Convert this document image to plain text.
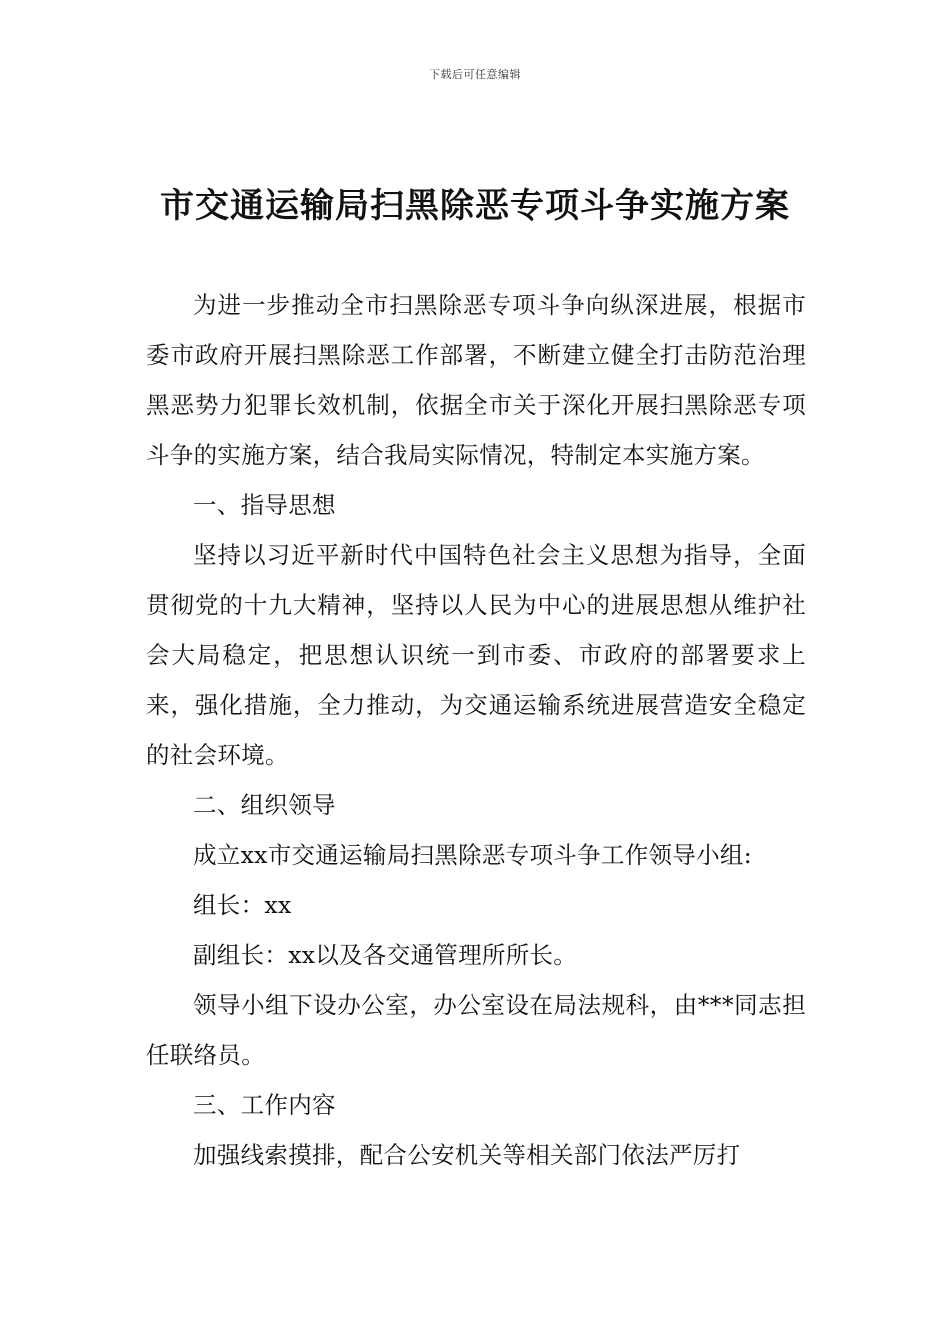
下载后可任意编辑
市交通运输局扫黑除恶专项斗争实施方案

为进一步推动全市扫黑除恶专项斗争向纵深进展，根据市委市政府开展扫黑除恶工作部署，不断建立健全打击防范治理黑恶势力犯罪长效机制，依据全市关于深化开展扫黑除恶专项斗争的实施方案，结合我局实际情况，特制定本实施方案。

一、指导思想

坚持以习近平新时代中国特色社会主义思想为指导，全面贯彻党的十九大精神，坚持以人民为中心的进展思想从维护社会大局稳定，把思想认识统一到市委、市政府的部署要求上来，强化措施，全力推动，为交通运输系统进展营造安全稳定的社会环境。

二、组织领导

成立xx市交通运输局扫黑除恶专项斗争工作领导小组:

组长：xx

副组长：xx以及各交通管理所所长。

领导小组下设办公室，办公室设在局法规科，由***同志担任联络员。

三、工作内容

加强线索摸排，配合公安机关等相关部门依法严厉打
